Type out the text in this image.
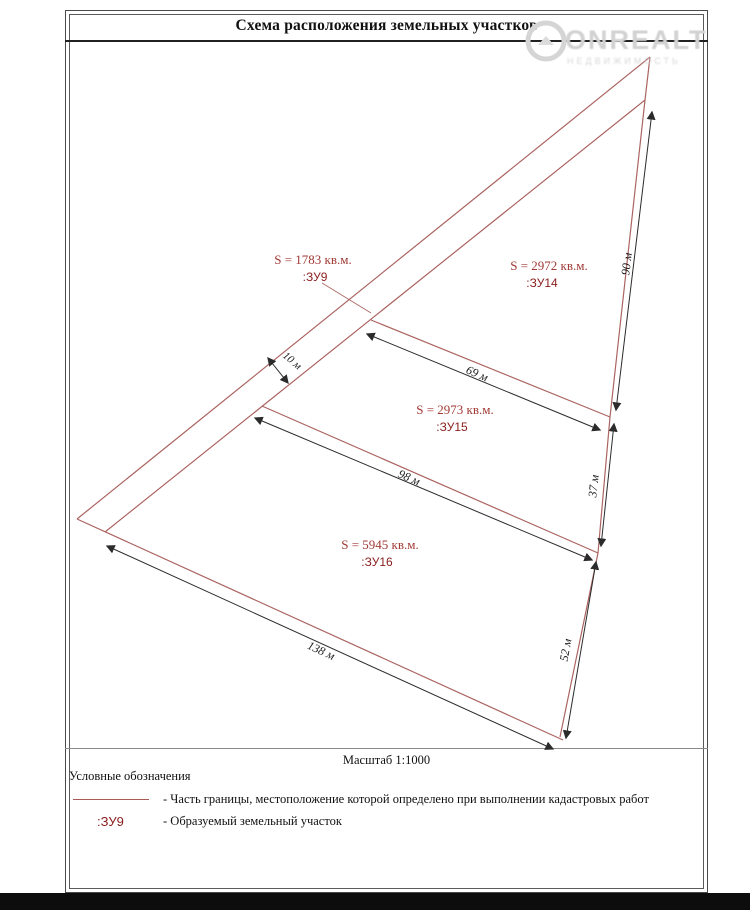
Схема расположения земельных участков	ONREALT
НЕДВИЖИМОСТЬ
S = 1783 кв.м.
:ЗУ9
S = 2972 кв.м.
:ЗУ14
S = 2973 кв.м.
:ЗУ15
S = 5945 кв.м.
:ЗУ16
10 м
69 м
98 м
138 м
90 м
37 м
52 м
Масштаб 1:1000
Условные обозначения
- Часть границы, местоположение которой определено при выполнении кадастровых работ
:ЗУ9	- Образуемый земельный участок
